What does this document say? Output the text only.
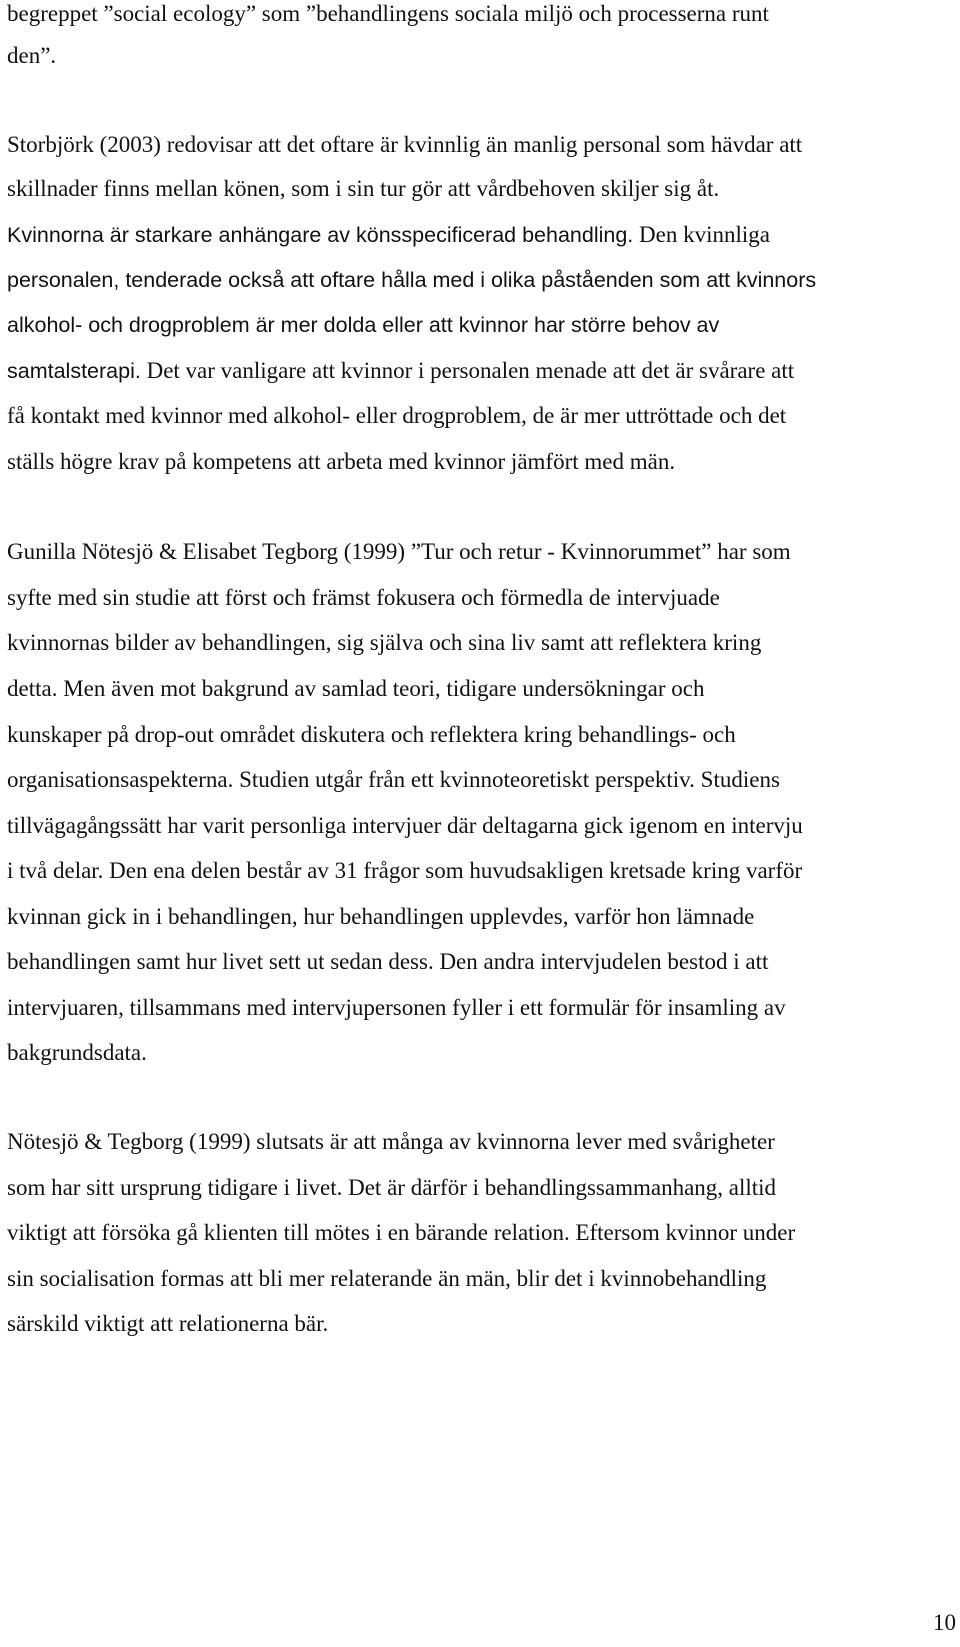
begreppet ”social ecology” som ”behandlingens sociala miljö och processerna runt
den”.
Storbjörk (2003) redovisar att det oftare är kvinnlig än manlig personal som hävdar att
skillnader finns mellan könen, som i sin tur gör att vårdbehoven skiljer sig åt.
Kvinnorna är starkare anhängare av könsspecificerad behandling. Den kvinnliga
personalen, tenderade också att oftare hålla med i olika påståenden som att kvinnors
alkohol- och drogproblem är mer dolda eller att kvinnor har större behov av
samtalsterapi. Det var vanligare att kvinnor i personalen menade att det är svårare att
få kontakt med kvinnor med alkohol- eller drogproblem, de är mer uttröttade och det
ställs högre krav på kompetens att arbeta med kvinnor jämfört med män.
Gunilla Nötesjö & Elisabet Tegborg (1999) ”Tur och retur - Kvinnorummet” har som
syfte med sin studie att först och främst fokusera och förmedla de intervjuade
kvinnornas bilder av behandlingen, sig själva och sina liv samt att reflektera kring
detta. Men även mot bakgrund av samlad teori, tidigare undersökningar och
kunskaper på drop-out området diskutera och reflektera kring behandlings- och
organisationsaspekterna. Studien utgår från ett kvinnoteoretiskt perspektiv. Studiens
tillvägagångssätt har varit personliga intervjuer där deltagarna gick igenom en intervju
i två delar. Den ena delen består av 31 frågor som huvudsakligen kretsade kring varför
kvinnan gick in i behandlingen, hur behandlingen upplevdes, varför hon lämnade
behandlingen samt hur livet sett ut sedan dess. Den andra intervjudelen bestod i att
intervjuaren, tillsammans med intervjupersonen fyller i ett formulär för insamling av
bakgrundsdata.
Nötesjö & Tegborg (1999) slutsats är att många av kvinnorna lever med svårigheter
som har sitt ursprung tidigare i livet. Det är därför i behandlingssammanhang, alltid
viktigt att försöka gå klienten till mötes i en bärande relation. Eftersom kvinnor under
sin socialisation formas att bli mer relaterande än män, blir det i kvinnobehandling
särskild viktigt att relationerna bär.
10
